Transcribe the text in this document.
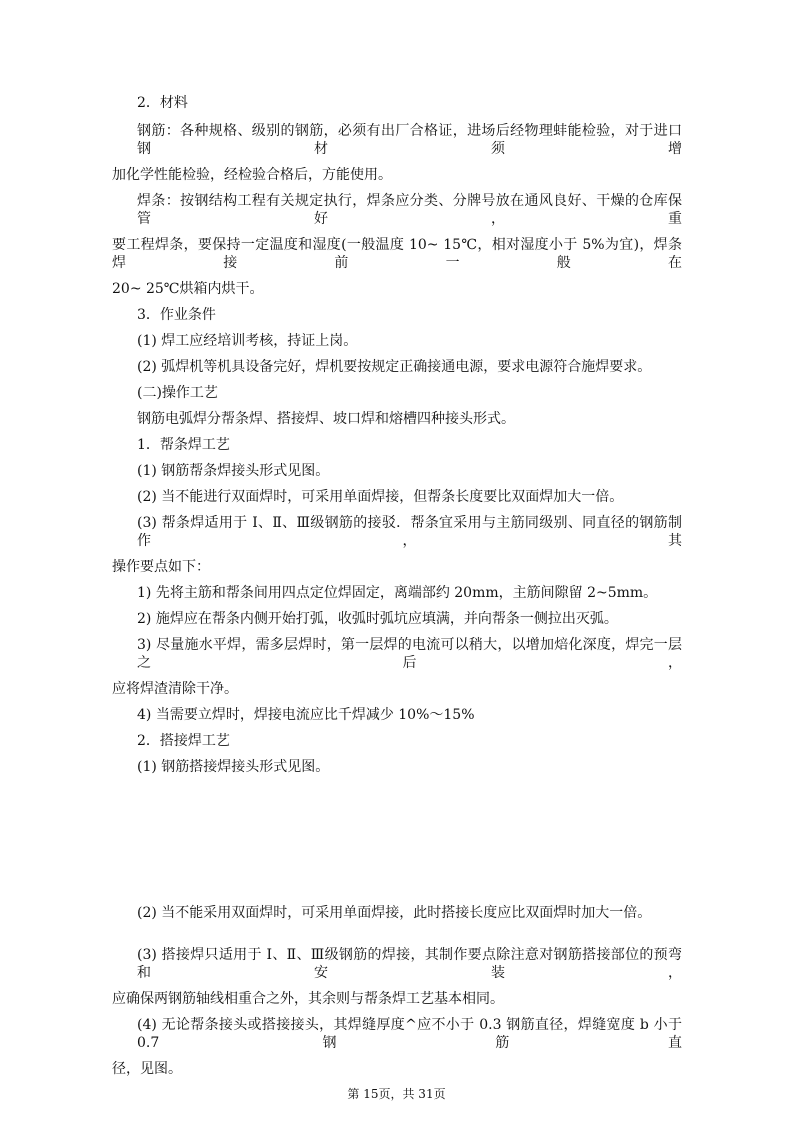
2．材料
钢筋：各种规格、级别的钢筋，必须有出厂合格证，进场后经物理蚌能检验，对于进口钢材须增
加化学性能检验，经检验合格后，方能使用。
焊条：按钢结构工程有关规定执行，焊条应分类、分牌号放在通风良好、干燥的仓库保管好，重
要工程焊条，要保持一定温度和湿度(一般温度 10~ 15℃，相对湿度小于 5%为宜)，焊条焊接前一般在
20~ 25℃烘箱内烘干。
3．作业条件
(1) 焊工应经培训考核，持证上岗。
(2) 弧焊机等机具设备完好，焊机要按规定正确接通电源，要求电源符合施焊要求。
(二)操作工艺
钢筋电弧焊分帮条焊、搭接焊、坡口焊和熔槽四种接头形式。
1．帮条焊工艺
(1) 钢筋帮条焊接头形式见图。
(2) 当不能进行双面焊时，可采用单面焊接，但帮条长度要比双面焊加大一倍。
(3) 帮条焊适用于 I、Ⅱ、Ⅲ级钢筋的接驳．帮条宜采用与主筋同级别、同直径的钢筋制作，其
操作要点如下：
1) 先将主筋和帮条间用四点定位焊固定，离端部约 20mm，主筋间隙留 2~5mm。
2) 施焊应在帮条内侧开始打弧，收弧时弧坑应填满，并向帮条一侧拉出灭弧。
3) 尽量施水平焊，需多层焊时，第一层焊的电流可以稍大，以增加焙化深度，焊完一层之后，
应将焊渣清除干净。
4) 当需要立焊时，焊接电流应比千焊减少 10%～15%
2．搭接焊工艺
(1) 钢筋搭接焊接头形式见图。
(2) 当不能采用双面焊时，可采用单面焊接，此时搭接长度应比双面焊时加大一倍。
(3) 搭接焊只适用于 I、Ⅱ、Ⅲ级钢筋的焊接，其制作要点除注意对钢筋搭接部位的预弯和安装，
应确保两钢筋轴线相重合之外，其余则与帮条焊工艺基本相同。
(4) 无论帮条接头或搭接接头，其焊缝厚度^应不小于 0.3 钢筋直径，焊缝宽度 b 小于 0.7 钢筋直
径，见图。
第 15页，共 31页
